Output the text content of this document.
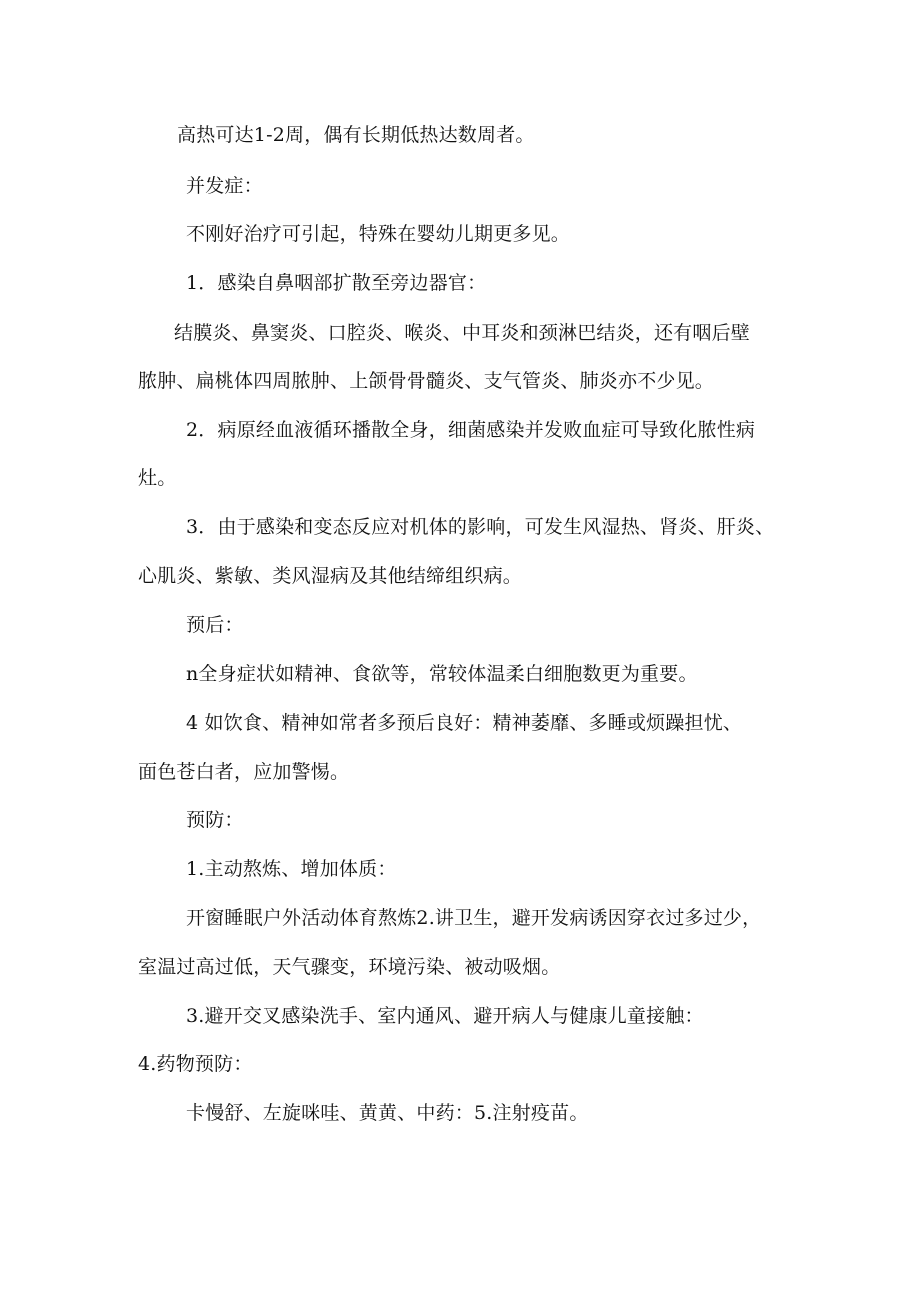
高热可达1-2周，偶有长期低热达数周者。
并发症：
不刚好治疗可引起，特殊在婴幼儿期更多见。
1．感染自鼻咽部扩散至旁边器官：
结膜炎、鼻窦炎、口腔炎、喉炎、中耳炎和颈淋巴结炎，还有咽后壁
脓肿、扁桃体四周脓肿、上颌骨骨髓炎、支气管炎、肺炎亦不少见。
2．病原经血液循环播散全身，细菌感染并发败血症可导致化脓性病
灶。
3．由于感染和变态反应对机体的影响，可发生风湿热、肾炎、肝炎、
心肌炎、紫敏、类风湿病及其他结缔组织病。
预后：
n全身症状如精神、食欲等，常较体温柔白细胞数更为重要。
4 如饮食、精神如常者多预后良好：精神萎靡、多睡或烦躁担忧、
面色苍白者，应加警惕。
预防：
1.主动熬炼、增加体质：
开窗睡眠户外活动体育熬炼2.讲卫生，避开发病诱因穿衣过多过少，
室温过高过低，天气骤变，环境污染、被动吸烟。
3.避开交叉感染洗手、室内通风、避开病人与健康儿童接触：
4.药物预防：
卡慢舒、左旋咪哇、黄黄、中药：5.注射疫苗。
